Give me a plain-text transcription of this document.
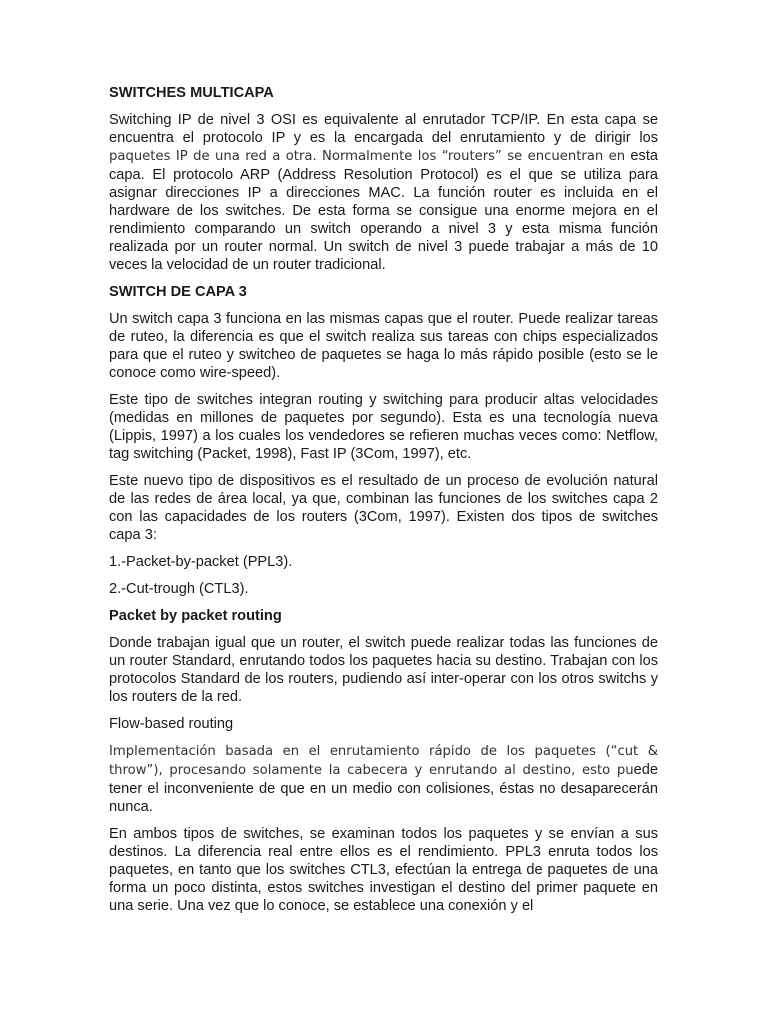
SWITCHES MULTICAPA
Switching IP de nivel 3 OSI es equivalente al enrutador TCP/IP. En esta capa se encuentra el protocolo IP y es la encargada del enrutamiento y de dirigir los paquetes IP de una red a otra. Normalmente los “routers” se encuentran en esta capa. El protocolo ARP (Address Resolution Protocol) es el que se utiliza para asignar direcciones IP a direcciones MAC. La función router es incluida en el hardware de los switches. De esta forma se consigue una enorme mejora en el rendimiento comparando un switch operando a nivel 3 y esta misma función realizada por un router normal. Un switch de nivel 3 puede trabajar a más de 10 veces la velocidad de un router tradicional.
SWITCH DE CAPA 3
Un switch capa 3 funciona en las mismas capas que el router. Puede realizar tareas de ruteo, la diferencia es que el switch realiza sus tareas con chips especializados para que el ruteo y switcheo de paquetes se haga lo más rápido posible (esto se le conoce como wire-speed).
Este tipo de switches integran routing y switching para producir altas velocidades (medidas en millones de paquetes por segundo). Esta es una tecnología nueva (Lippis, 1997) a los cuales los vendedores se refieren muchas veces como: Netflow, tag switching (Packet, 1998), Fast IP (3Com, 1997), etc.
Este nuevo tipo de dispositivos es el resultado de un proceso de evolución natural de las redes de área local, ya que, combinan las funciones de los switches capa 2 con las capacidades de los routers (3Com, 1997). Existen dos tipos de switches capa 3:
1.-Packet-by-packet (PPL3).
2.-Cut-trough (CTL3).
Packet by packet routing
Donde trabajan igual que un router, el switch puede realizar todas las funciones de un router Standard, enrutando todos los paquetes hacia su destino. Trabajan con los protocolos Standard de los routers, pudiendo así inter-operar con los otros switchs y los routers de la red.
Flow-based routing
Implementación basada en el enrutamiento rápido de los paquetes (“cut & throw”), procesando solamente la cabecera y enrutando al destino, esto puede tener el inconveniente de que en un medio con colisiones, éstas no desaparecerán nunca.
En ambos tipos de switches, se examinan todos los paquetes y se envían a sus destinos. La diferencia real entre ellos es el rendimiento. PPL3 enruta todos los paquetes, en tanto que los switches CTL3, efectúan la entrega de paquetes de una forma un poco distinta, estos switches investigan el destino del primer paquete en una serie. Una vez que lo conoce, se establece una conexión y el
